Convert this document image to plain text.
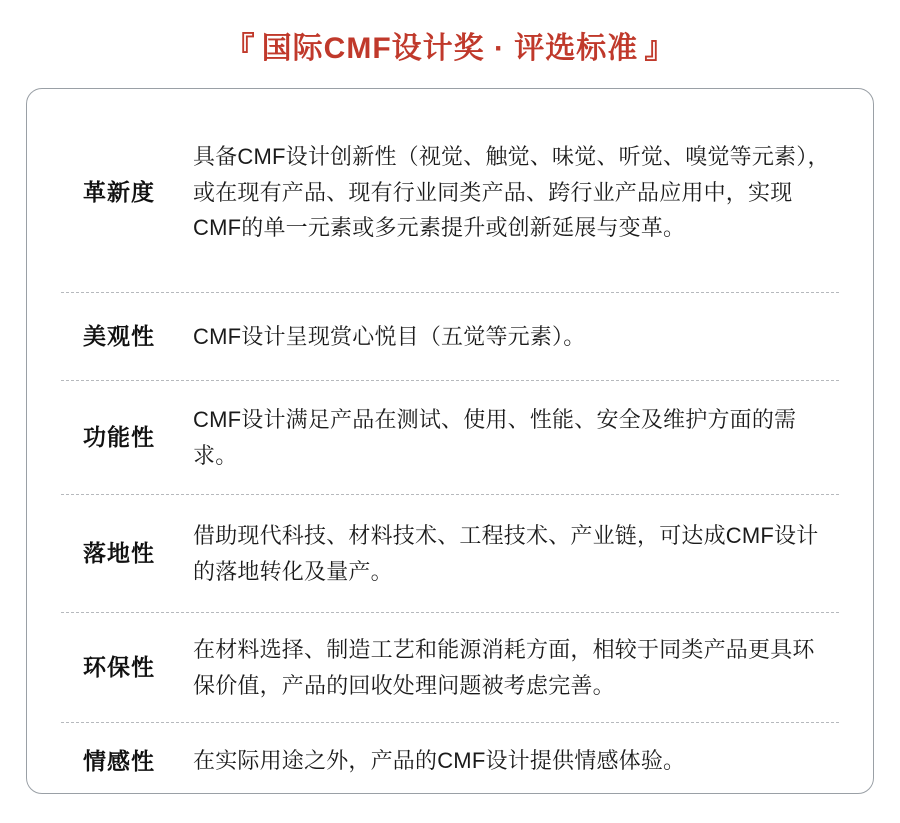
『 国际CMF设计奖 · 评选标准 』
革新度
具备CMF设计创新性（视觉、触觉、味觉、听觉、嗅觉等元素），或在现有产品、现有行业同类产品、跨行业产品应用中，实现CMF的单一元素或多元素提升或创新延展与变革。
美观性	CMF设计呈现赏心悦目（五觉等元素）。
功能性
CMF设计满足产品在测试、使用、性能、安全及维护方面的需求。
落地性
借助现代科技、材料技术、工程技术、产业链，可达成CMF设计的落地转化及量产。
环保性
在材料选择、制造工艺和能源消耗方面，相较于同类产品更具环保价值，产品的回收处理问题被考虑完善。
情感性	在实际用途之外，产品的CMF设计提供情感体验。
